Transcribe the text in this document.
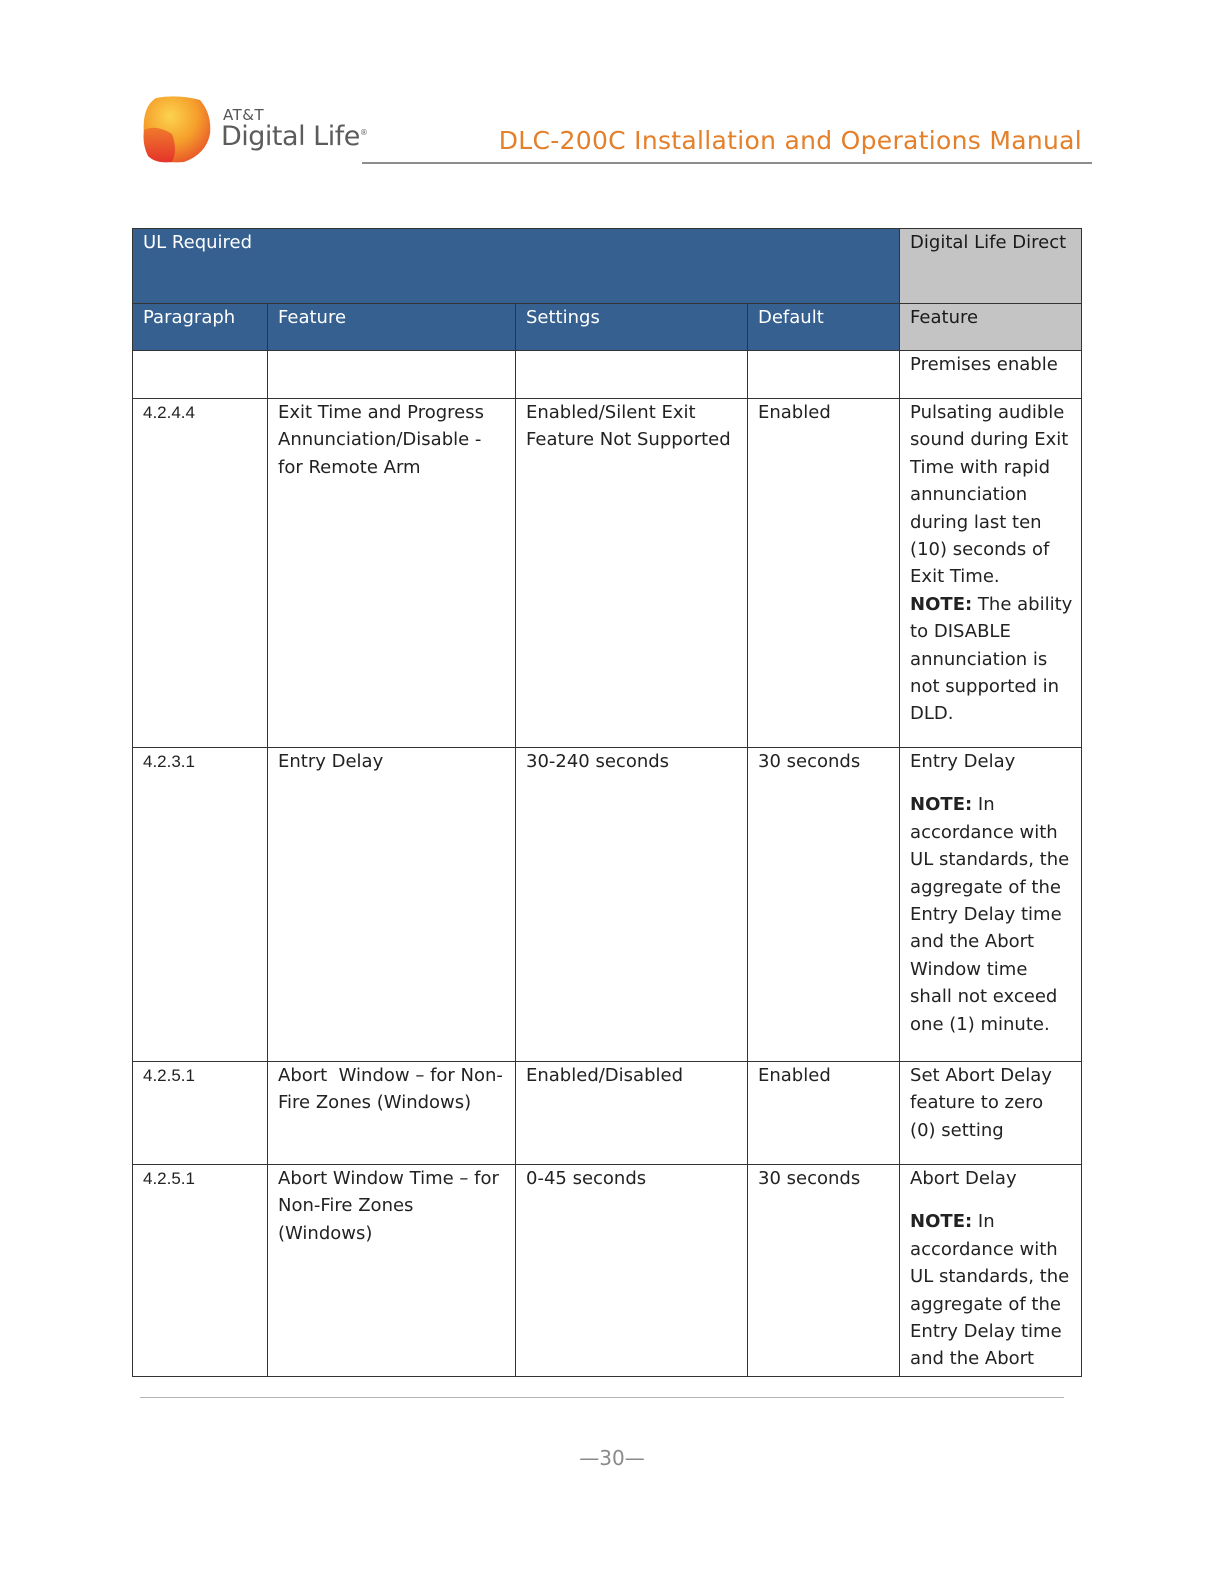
AT&T
Digital Life®	DLC-200C Installation and Operations Manual
UL Required				Digital Life Direct
Paragraph	Feature	Settings	Default	Feature
				Premises enable
4.2.4.4	Exit Time and Progress Annunciation/Disable - for Remote Arm	Enabled/Silent Exit Feature Not Supported	Enabled	Pulsating audible sound during Exit Time with rapid annunciation during last ten (10) seconds of Exit Time.
NOTE: The ability to DISABLE annunciation is not supported in DLD.

4.2.3.1	Entry Delay	30-240 seconds	30 seconds	Entry Delay
NOTE: In accordance with UL standards, the aggregate of the Entry Delay time and the Abort Window time shall not exceed one (1) minute.

4.2.5.1	Abort  Window – for Non-Fire Zones (Windows)	Enabled/Disabled	Enabled	Set Abort Delay feature to zero (0) setting

4.2.5.1	Abort Window Time – for Non-Fire Zones (Windows)	0-45 seconds	30 seconds	Abort Delay
NOTE: In accordance with UL standards, the aggregate of the Entry Delay time and the Abort
—30—
